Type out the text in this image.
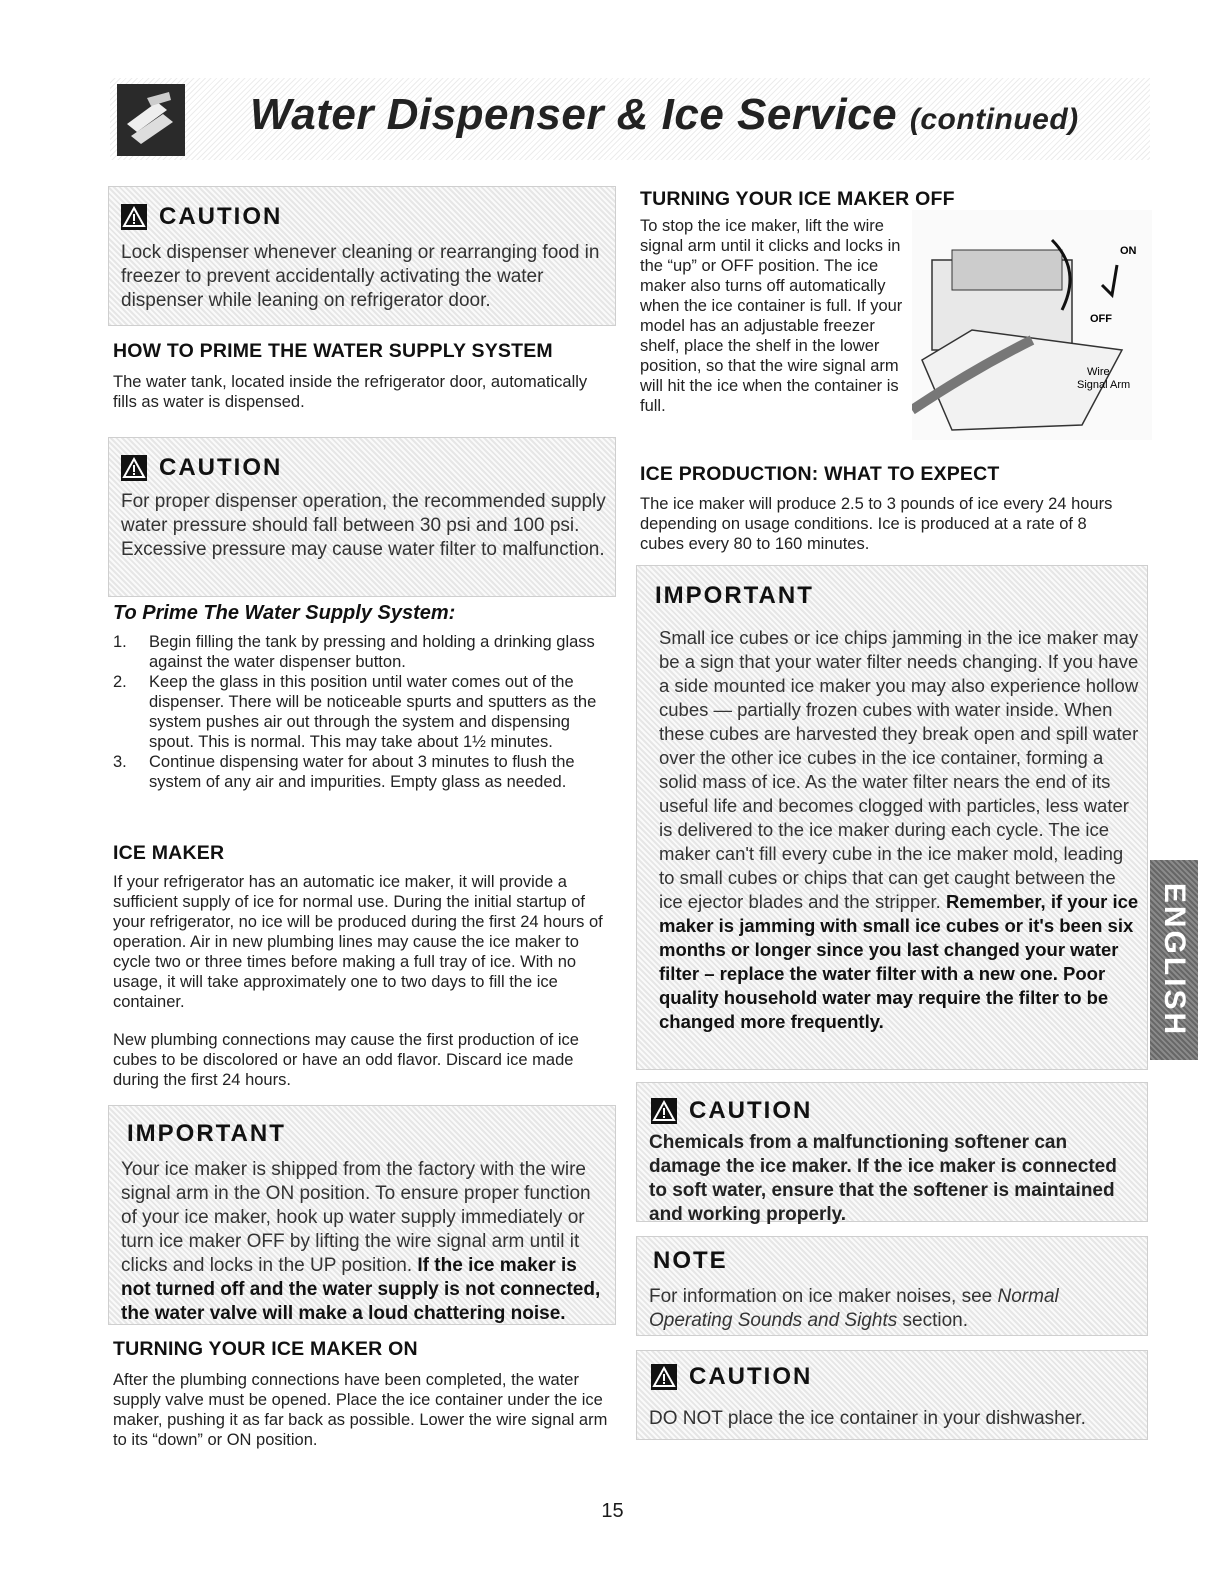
Water Dispenser & Ice Service (continued)
CAUTION
Lock dispenser whenever cleaning or rearranging food in freezer to prevent accidentally activating the water dispenser while leaning on refrigerator door.
HOW TO PRIME THE WATER SUPPLY SYSTEM
The water tank, located inside the refrigerator door, automatically fills as water is dispensed.
CAUTION
For proper dispenser operation, the recommended supply water pressure should fall between 30 psi and 100 psi. Excessive pressure may cause water filter to malfunction.
To Prime The Water Supply System:
1. Begin filling the tank by pressing and holding a drinking glass against the water dispenser button.
2. Keep the glass in this position until water comes out of the dispenser. There will be noticeable spurts and sputters as the system pushes air out through the system and dispensing spout. This is normal. This may take about 1½ minutes.
3. Continue dispensing water for about 3 minutes to flush the system of any air and impurities. Empty glass as needed.
ICE MAKER
If your refrigerator has an automatic ice maker, it will provide a sufficient supply of ice for normal use. During the initial startup of your refrigerator, no ice will be produced during the first 24 hours of operation. Air in new plumbing lines may cause the ice maker to cycle two or three times before making a full tray of ice. With no usage, it will take approximately one to two days to fill the ice container.
New plumbing connections may cause the first production of ice cubes to be discolored or have an odd flavor. Discard ice made during the first 24 hours.
IMPORTANT
Your ice maker is shipped from the factory with the wire signal arm in the ON position. To ensure proper function of your ice maker, hook up water supply immediately or turn ice maker OFF by lifting the wire signal arm until it clicks and locks in the UP position. If the ice maker is not turned off and the water supply is not connected, the water valve will make a loud chattering noise.
TURNING YOUR ICE MAKER ON
After the plumbing connections have been completed, the water supply valve must be opened. Place the ice container under the ice maker, pushing it as far back as possible. Lower the wire signal arm to its “down” or ON position.
TURNING YOUR ICE MAKER OFF
To stop the ice maker, lift the wire signal arm until it clicks and locks in the “up” or OFF position. The ice maker also turns off automatically when the ice container is full. If your model has an adjustable freezer shelf, place the shelf in the lower position, so that the wire signal arm will hit the ice when the container is full.
ON
OFF
Wire
Signal Arm
ICE PRODUCTION: WHAT TO EXPECT
The ice maker will produce 2.5 to 3 pounds of ice every 24 hours depending on usage conditions. Ice is produced at a rate of 8 cubes every 80 to 160 minutes.
IMPORTANT
Small ice cubes or ice chips jamming in the ice maker may be a sign that your water filter needs changing. If you have a side mounted ice maker you may also experience hollow cubes — partially frozen cubes with water inside. When these cubes are harvested they break open and spill water over the other ice cubes in the ice container, forming a solid mass of ice. As the water filter nears the end of its useful life and becomes clogged with particles, less water is delivered to the ice maker during each cycle. The ice maker can't fill every cube in the ice maker mold, leading to small cubes or chips that can get caught between the ice ejector blades and the stripper. Remember, if your ice maker is jamming with small ice cubes or it's been six months or longer since you last changed your water filter – replace the water filter with a new one. Poor quality household water may require the filter to be changed more frequently.
CAUTION
Chemicals from a malfunctioning softener can damage the ice maker. If the ice maker is connected to soft water, ensure that the softener is maintained and working properly.
NOTE
For information on ice maker noises, see Normal Operating Sounds and Sights section.
CAUTION
DO NOT place the ice container in your dishwasher.
ENGLISH
15
